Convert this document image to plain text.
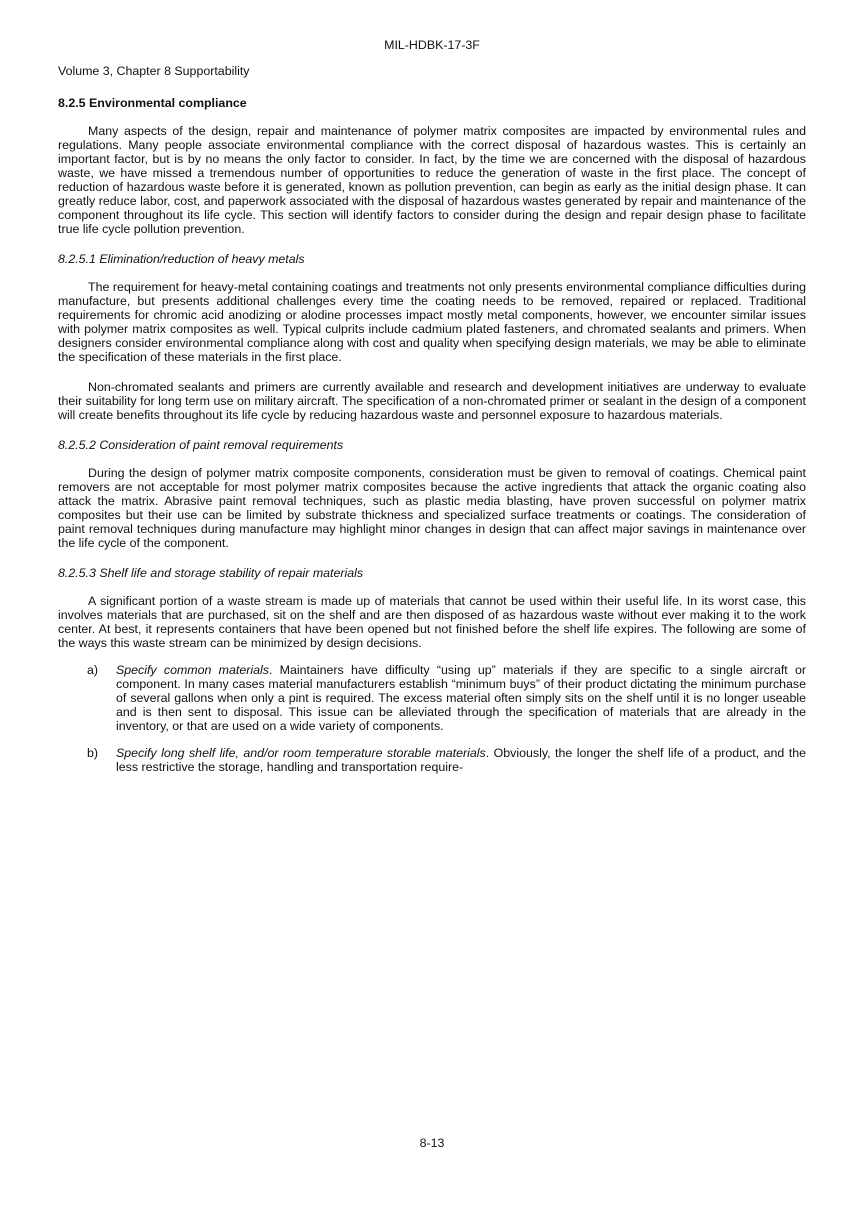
MIL-HDBK-17-3F
Volume 3, Chapter 8 Supportability
8.2.5 Environmental compliance

Many aspects of the design, repair and maintenance of polymer matrix composites are impacted by environmental rules and regulations. Many people associate environmental compliance with the correct disposal of hazardous wastes. This is certainly an important factor, but is by no means the only factor to consider. In fact, by the time we are concerned with the disposal of hazardous waste, we have missed a tremendous number of opportunities to reduce the generation of waste in the first place. The concept of reduction of hazardous waste before it is generated, known as pollution prevention, can begin as early as the initial design phase. It can greatly reduce labor, cost, and paperwork associated with the disposal of hazardous wastes generated by repair and maintenance of the component throughout its life cycle. This section will identify factors to consider during the design and repair design phase to facilitate true life cycle pollution prevention.

8.2.5.1 Elimination/reduction of heavy metals

The requirement for heavy-metal containing coatings and treatments not only presents environmental compliance difficulties during manufacture, but presents additional challenges every time the coating needs to be removed, repaired or replaced. Traditional requirements for chromic acid anodizing or alodine processes impact mostly metal components, however, we encounter similar issues with polymer matrix composites as well. Typical culprits include cadmium plated fasteners, and chromated sealants and primers. When designers consider environmental compliance along with cost and quality when specifying design materials, we may be able to eliminate the specification of these materials in the first place.

Non-chromated sealants and primers are currently available and research and development initiatives are underway to evaluate their suitability for long term use on military aircraft. The specification of a non-chromated primer or sealant in the design of a component will create benefits throughout its life cycle by reducing hazardous waste and personnel exposure to hazardous materials.

8.2.5.2 Consideration of paint removal requirements

During the design of polymer matrix composite components, consideration must be given to removal of coatings. Chemical paint removers are not acceptable for most polymer matrix composites because the active ingredients that attack the organic coating also attack the matrix. Abrasive paint removal techniques, such as plastic media blasting, have proven successful on polymer matrix composites but their use can be limited by substrate thickness and specialized surface treatments or coatings. The consideration of paint removal techniques during manufacture may highlight minor changes in design that can affect major savings in maintenance over the life cycle of the component.

8.2.5.3 Shelf life and storage stability of repair materials

A significant portion of a waste stream is made up of materials that cannot be used within their useful life. In its worst case, this involves materials that are purchased, sit on the shelf and are then disposed of as hazardous waste without ever making it to the work center. At best, it represents containers that have been opened but not finished before the shelf life expires. The following are some of the ways this waste stream can be minimized by design decisions.

a) Specify common materials. Maintainers have difficulty “using up” materials if they are specific to a single aircraft or component. In many cases material manufacturers establish “minimum buys” of their product dictating the minimum purchase of several gallons when only a pint is required. The excess material often simply sits on the shelf until it is no longer useable and is then sent to disposal. This issue can be alleviated through the specification of materials that are already in the inventory, or that are used on a wide variety of components.
b) Specify long shelf life, and/or room temperature storable materials. Obviously, the longer the shelf life of a product, and the less restrictive the storage, handling and transportation require-
8-13
